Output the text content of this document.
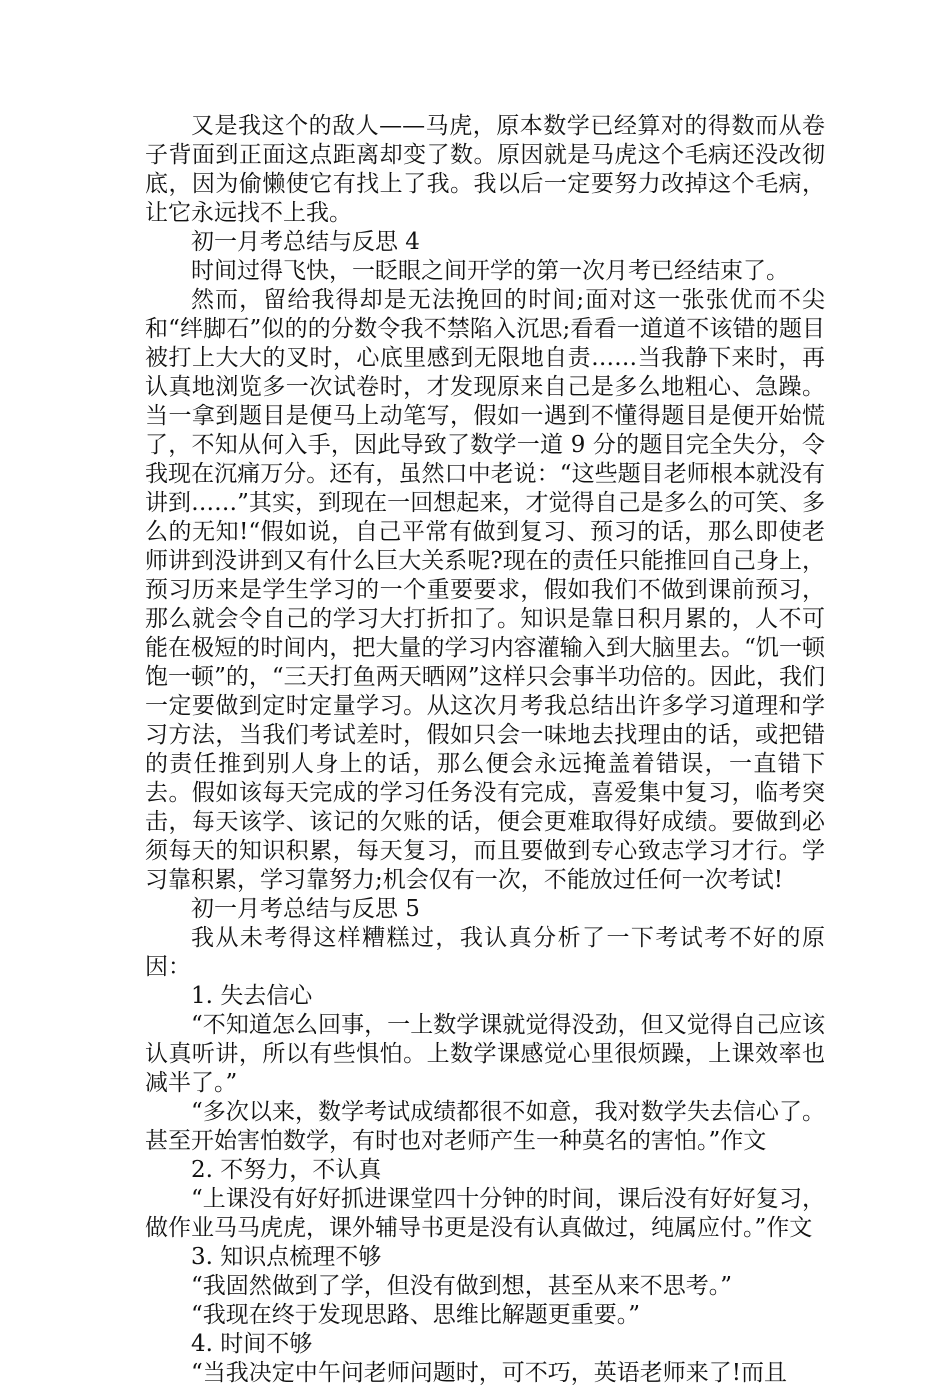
又是我这个的敌人——马虎，原本数学已经算对的得数而从卷子背面到正面这点距离却变了数。原因就是马虎这个毛病还没改彻底，因为偷懒使它有找上了我。我以后一定要努力改掉这个毛病，让它永远找不上我。

初一月考总结与反思 4

时间过得飞快，一眨眼之间开学的第一次月考已经结束了。

然而，留给我得却是无法挽回的时间;面对这一张张优而不尖和“绊脚石”似的的分数令我不禁陷入沉思;看看一道道不该错的题目被打上大大的叉时，心底里感到无限地自责……当我静下来时，再认真地浏览多一次试卷时，才发现原来自己是多么地粗心、急躁。当一拿到题目是便马上动笔写，假如一遇到不懂得题目是便开始慌了，不知从何入手，因此导致了数学一道 9 分的题目完全失分，令我现在沉痛万分。还有，虽然口中老说：“这些题目老师根本就没有讲到……”其实，到现在一回想起来，才觉得自己是多么的可笑、多么的无知!“假如说，自己平常有做到复习、预习的话，那么即使老师讲到没讲到又有什么巨大关系呢?现在的责任只能推回自己身上，预习历来是学生学习的一个重要要求，假如我们不做到课前预习，那么就会令自己的学习大打折扣了。知识是靠日积月累的，人不可能在极短的时间内，把大量的学习内容灌输入到大脑里去。“饥一顿饱一顿”的，“三天打鱼两天晒网”这样只会事半功倍的。因此，我们一定要做到定时定量学习。从这次月考我总结出许多学习道理和学习方法，当我们考试差时，假如只会一味地去找理由的话，或把错的责任推到别人身上的话，那么便会永远掩盖着错误，一直错下去。假如该每天完成的学习任务没有完成，喜爱集中复习，临考突击，每天该学、该记的欠账的话，便会更难取得好成绩。要做到必须每天的知识积累，每天复习，而且要做到专心致志学习才行。学习靠积累，学习靠努力;机会仅有一次，不能放过任何一次考试!

初一月考总结与反思 5

我从未考得这样糟糕过，我认真分析了一下考试考不好的原因：

1. 失去信心

“不知道怎么回事，一上数学课就觉得没劲，但又觉得自己应该认真听讲，所以有些惧怕。上数学课感觉心里很烦躁，上课效率也减半了。”

“多次以来，数学考试成绩都很不如意，我对数学失去信心了。甚至开始害怕数学，有时也对老师产生一种莫名的害怕。”作文

2. 不努力，不认真

“上课没有好好抓进课堂四十分钟的时间，课后没有好好复习，做作业马马虎虎，课外辅导书更是没有认真做过，纯属应付。”作文

3. 知识点梳理不够

“我固然做到了学，但没有做到想，甚至从来不思考。”

“我现在终于发现思路、思维比解题更重要。”

4. 时间不够

“当我决定中午问老师问题时，可不巧，英语老师来了!而且
